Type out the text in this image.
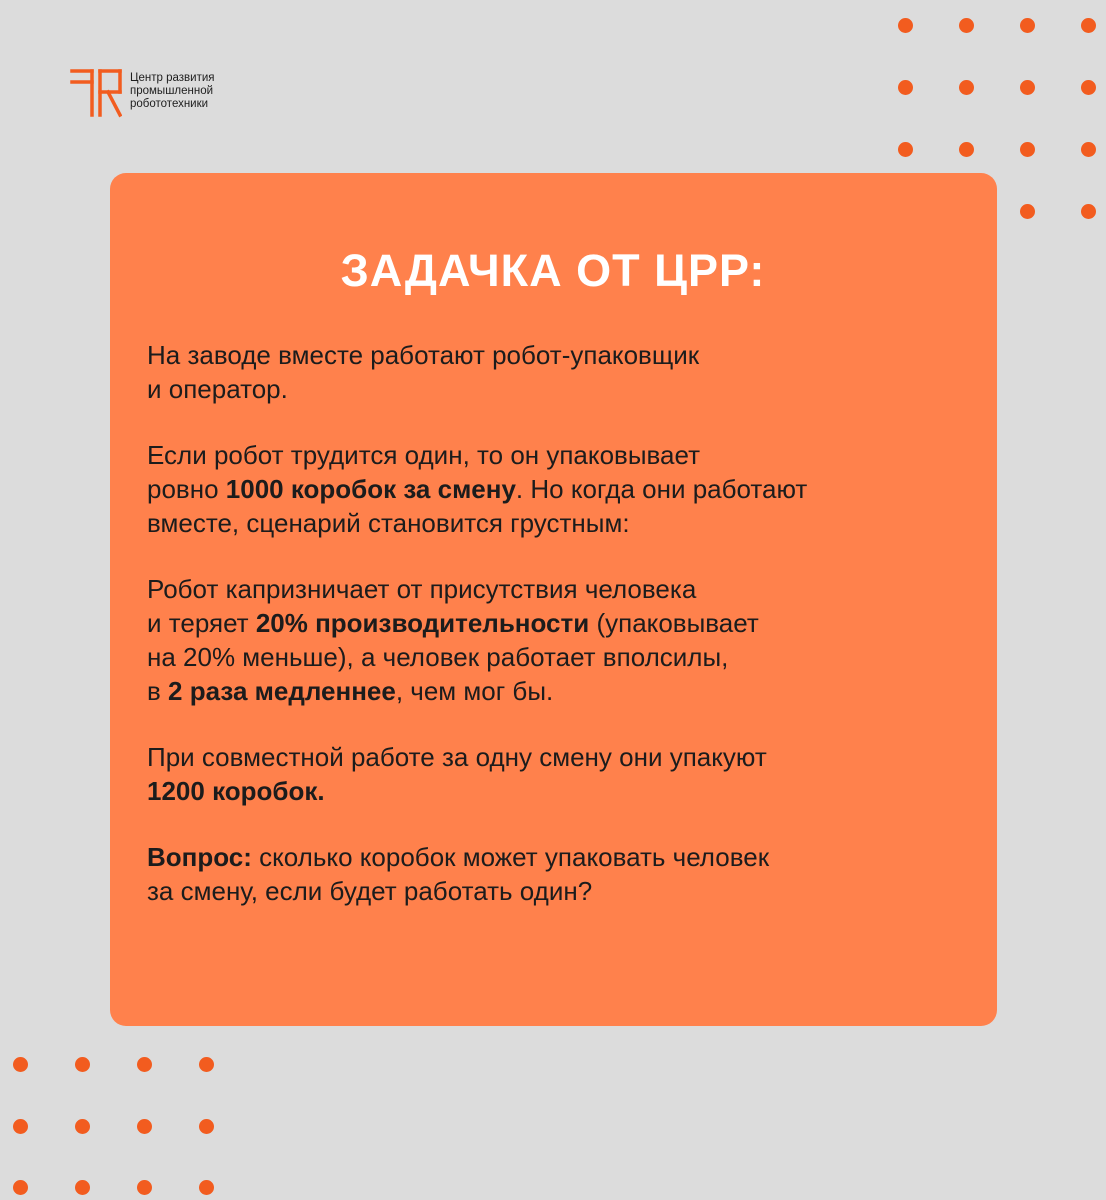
Центр развития
промышленной
робототехники
ЗАДАЧКА ОТ ЦРР:

На заводе вместе работают робот-упаковщик
и оператор.

Если робот трудится один, то он упаковывает
ровно 1000 коробок за смену. Но когда они работают
вместе, сценарий становится грустным:

Робот капризничает от присутствия человека
и теряет 20% производительности (упаковывает
на 20% меньше), а человек работает вполсилы,
в 2 раза медленнее, чем мог бы.

При совместной работе за одну смену они упакуют
1200 коробок.

Вопрос: сколько коробок может упаковать человек
за смену, если будет работать один?
